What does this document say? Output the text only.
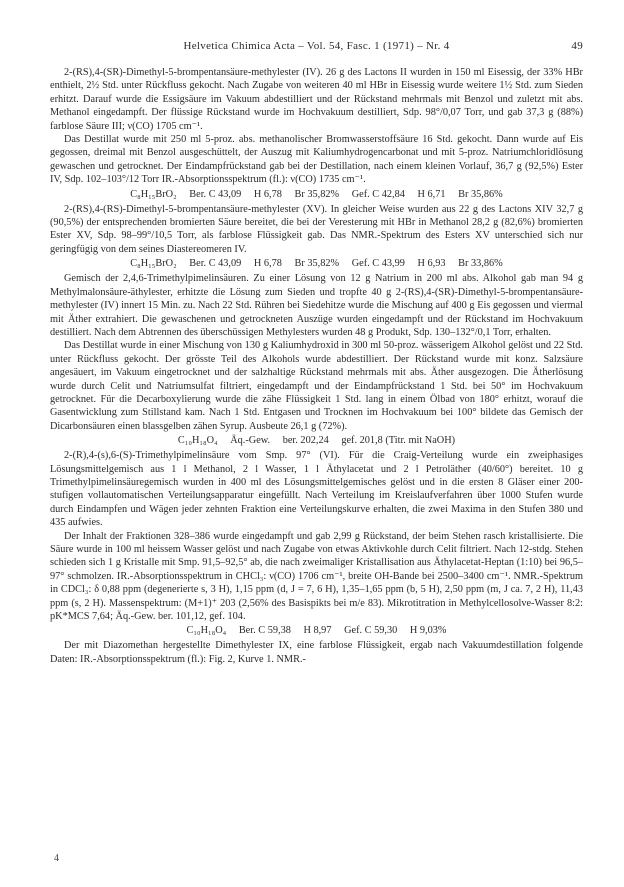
Helvetica Chimica Acta – Vol. 54, Fasc. 1 (1971) – Nr. 4	49

2-(RS),4-(SR)-Dimethyl-5-brompentansäure-methylester (IV). 26 g des Lactons II wurden in 150 ml Eisessig, der 33% HBr enthielt, 2½ Std. unter Rückfluss gekocht. Nach Zugabe von weiteren 40 ml HBr in Eisessig wurde weitere 1½ Std. zum Sieden erhitzt. Darauf wurde die Essigsäure im Vakuum abdestilliert und der Rückstand mehrmals mit Benzol und zuletzt mit abs. Methanol eingedampft. Der flüssige Rückstand wurde im Hochvakuum destilliert, Sdp. 98°/0,07 Torr, und gab 37,3 g (88%) farblose Säure III; ν(CO) 1705 cm⁻¹.

Das Destillat wurde mit 250 ml 5-proz. abs. methanolischer Bromwasserstoffsäure 16 Std. gekocht. Dann wurde auf Eis gegossen, dreimal mit Benzol ausgeschüttelt, der Auszug mit Kaliumhydrogencarbonat und mit 5-proz. Natriumchloridlösung gewaschen und getrocknet. Der Eindampfrückstand gab bei der Destillation, nach einem kleinen Vorlauf, 36,7 g (92,5%) Ester IV, Sdp. 102–103°/12 Torr IR.-Absorptionsspektrum (fl.): ν(CO) 1735 cm⁻¹.

C₈H₁₅BrO₂ Ber. C 43,09 H 6,78 Br 35,82% Gef. C 42,84 H 6,71 Br 35,86%

2-(RS),4-(RS)-Dimethyl-5-brompentansäure-methylester (XV). In gleicher Weise wurden aus 22 g des Lactons XIV 32,7 g (90,5%) der entsprechenden bromierten Säure bereitet, die bei der Veresterung mit HBr in Methanol 28,2 g (82,6%) bromierten Ester XV, Sdp. 98–99°/10,5 Torr, als farblose Flüssigkeit gab. Das NMR.-Spektrum des Esters XV unterschied sich nur geringfügig von dem seines Diastereomeren IV.

C₈H₁₅BrO₂ Ber. C 43,09 H 6,78 Br 35,82% Gef. C 43,99 H 6,93 Br 33,86%

Gemisch der 2,4,6-Trimethylpimelinsäuren. Zu einer Lösung von 12 g Natrium in 200 ml abs. Alkohol gab man 94 g Methylmalonsäure-äthylester, erhitzte die Lösung zum Sieden und tropfte 40 g 2-(RS),4-(SR)-Dimethyl-5-brompentansäure-methylester (IV) innert 15 Min. zu. Nach 22 Std. Rühren bei Siedehitze wurde die Mischung auf 400 g Eis gegossen und viermal mit Äther extrahiert. Die gewaschenen und getrockneten Auszüge wurden eingedampft und der Rückstand im Hochvakuum destilliert. Nach dem Abtrennen des überschüssigen Methylesters wurden 48 g Produkt, Sdp. 130–132°/0,1 Torr, erhalten.

Das Destillat wurde in einer Mischung von 130 g Kaliumhydroxid in 300 ml 50-proz. wässerigem Alkohol gelöst und 22 Std. unter Rückfluss gekocht. Der grösste Teil des Alkohols wurde abdestilliert. Der Rückstand wurde mit konz. Salzsäure angesäuert, im Vakuum eingetrocknet und der salzhaltige Rückstand mehrmals mit abs. Äther ausgezogen. Die Ätherlösung wurde durch Celit und Natriumsulfat filtriert, eingedampft und der Eindampfrückstand 1 Std. bei 50° im Hochvakuum getrocknet. Für die Decarboxylierung wurde die zähe Flüssigkeit 1 Std. lang in einem Ölbad von 180° erhitzt, worauf die Gasentwicklung zum Stillstand kam. Nach 1 Std. Entgasen und Trocknen im Hochvakuum bei 100° bildete das Gemisch der Dicarbonsäuren einen blassgelben zähen Syrup. Ausbeute 26,1 g (72%).

C₁₀H₁₈O₄ Äq.-Gew. ber. 202,24 gef. 201,8 (Titr. mit NaOH)

2-(R),4-(s),6-(S)-Trimethylpimelinsäure vom Smp. 97° (VI). Für die Craig-Verteilung wurde ein zweiphasiges Lösungsmittelgemisch aus 1 l Methanol, 2 l Wasser, 1 l Äthylacetat und 2 l Petroläther (40/60°) bereitet. 10 g Trimethylpimelinsäuregemisch wurden in 400 ml des Lösungsmittelgemisches gelöst und in die ersten 8 Gläser einer 200-stufigen vollautomatischen Verteilungsapparatur eingefüllt. Nach Verteilung im Kreislaufverfahren über 1000 Stufen wurde durch Eindampfen und Wägen jeder zehnten Fraktion eine Verteilungskurve erhalten, die zwei Maxima in den Stufen 380 und 435 aufwies.

Der Inhalt der Fraktionen 328–386 wurde eingedampft und gab 2,99 g Rückstand, der beim Stehen rasch kristallisierte. Die Säure wurde in 100 ml heissem Wasser gelöst und nach Zugabe von etwas Aktivkohle durch Celit filtriert. Nach 12-stdg. Stehen schieden sich 1 g Kristalle mit Smp. 91,5–92,5° ab, die nach zweimaliger Kristallisation aus Äthylacetat-Heptan (1:10) bei 96,5–97° schmolzen. IR.-Absorptionsspektrum in CHCl₃: ν(CO) 1706 cm⁻¹, breite OH-Bande bei 2500–3400 cm⁻¹. NMR.-Spektrum in CDCl₃: δ 0,88 ppm (degenerierte s, 3 H), 1,15 ppm (d, J = 7, 6 H), 1,35–1,65 ppm (b, 5 H), 2,50 ppm (m, J ca. 7, 2 H), 11,43 ppm (s, 2 H). Massenspektrum: (M+1)⁺ 203 (2,56% des Basispikts bei m/e 83). Mikrotitration in Methylcellosolve-Wasser 8:2: pK*MCS 7,64; Äq.-Gew. ber. 101,12, gef. 104.

C₁₀H₁₈O₄ Ber. C 59,38 H 8,97 Gef. C 59,30 H 9,03%

Der mit Diazomethan hergestellte Dimethylester IX, eine farblose Flüssigkeit, ergab nach Vakuumdestillation folgende Daten: IR.-Absorptionsspektrum (fl.): Fig. 2, Kurve 1. NMR.-

4
